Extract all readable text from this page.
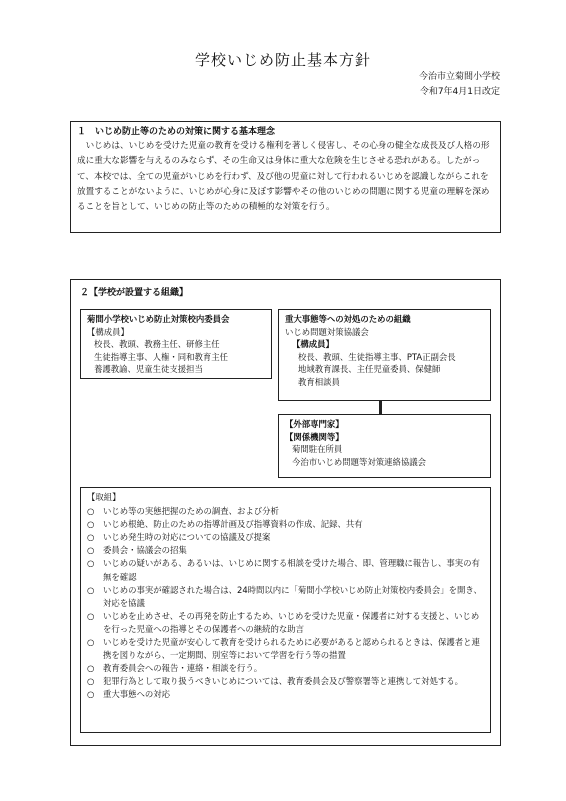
学校いじめ防止基本方針
今治市立菊間小学校
令和7年4月1日改定
１　いじめ防止等のための対策に関する基本理念

いじめは、いじめを受けた児童の教育を受ける権利を著しく侵害し、その心身の健全な成長及び人格の形成に重大な影響を与えるのみならず、その生命又は身体に重大な危険を生じさせる恐れがある。したがって、本校では、全ての児童がいじめを行わず、及び他の児童に対して行われるいじめを認識しながらこれを放置することがないように、いじめが心身に及ぼす影響やその他のいじめの問題に関する児童の理解を深めることを旨として、いじめの防止等のための積極的な対策を行う。

２【学校が設置する組織】
菊間小学校いじめ防止対策校内委員会
【構成員】
校長、教頭、教務主任、研修主任
生徒指導主事、人権・同和教育主任
養護教諭、児童生徒支援担当
重大事態等への対処のための組織
いじめ問題対策協議会
【構成員】
校長、教頭、生徒指導主事、PTA正副会長
地域教育課長、主任児童委員、保健師
教育相談員
【外部専門家】
【関係機関等】
菊間駐在所員
今治市いじめ問題等対策連絡協議会
【取組】
○	いじめ等の実態把握のための調査、および分析
○	いじめ根絶、防止のための指導計画及び指導資料の作成、記録、共有
○	いじめ発生時の対応についての協議及び提案
○	委員会・協議会の招集
○	いじめの疑いがある、あるいは、いじめに関する相談を受けた場合、即、管理職に報告し、事実の有無を確認
○	いじめの事実が確認された場合は、24時間以内に「菊間小学校いじめ防止対策校内委員会」を開き、対応を協議
○	いじめを止めさせ、その再発を防止するため、いじめを受けた児童・保護者に対する支援と、いじめを行った児童への指導とその保護者への継続的な助言
○	いじめを受けた児童が安心して教育を受けられるために必要があると認められるときは、保護者と連携を図りながら、一定期間、別室等において学習を行う等の措置
○	教育委員会への報告・連絡・相談を行う。
○	犯罪行為として取り扱うべきいじめについては、教育委員会及び警察署等と連携して対処する。
○	重大事態への対応
